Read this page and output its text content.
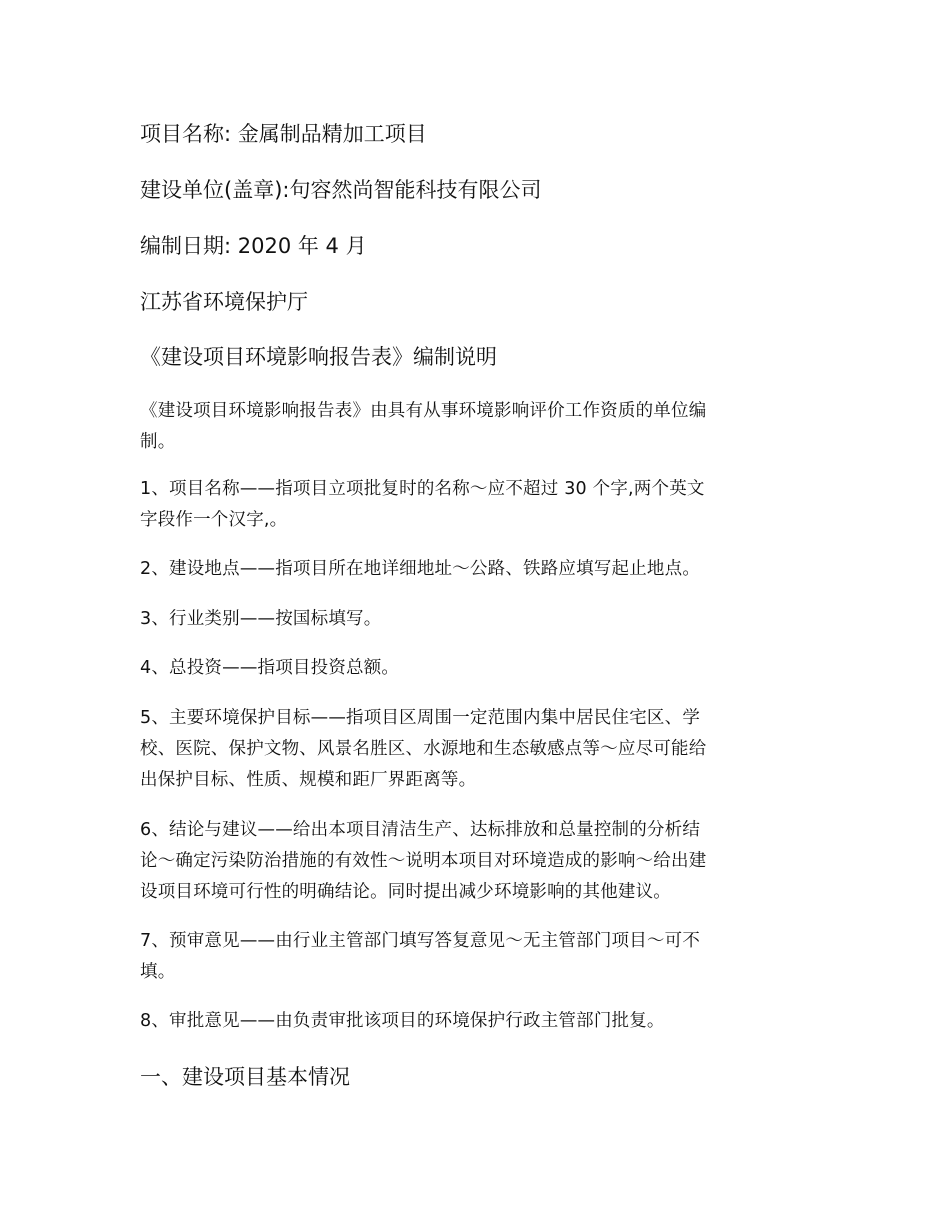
项目名称: 金属制品精加工项目
建设单位(盖章):句容然尚智能科技有限公司
编制日期: 2020 年 4 月
江苏省环境保护厅
《建设项目环境影响报告表》编制说明
《建设项目环境影响报告表》由具有从事环境影响评价工作资质的单位编
制。
1、项目名称——指项目立项批复时的名称～应不超过 30 个字,两个英文
字段作一个汉字,。
2、建设地点——指项目所在地详细地址～公路、铁路应填写起止地点。
3、行业类别——按国标填写。
4、总投资——指项目投资总额。
5、主要环境保护目标——指项目区周围一定范围内集中居民住宅区、学
校、医院、保护文物、风景名胜区、水源地和生态敏感点等～应尽可能给
出保护目标、性质、规模和距厂界距离等。
6、结论与建议——给出本项目清洁生产、达标排放和总量控制的分析结
论～确定污染防治措施的有效性～说明本项目对环境造成的影响～给出建
设项目环境可行性的明确结论。同时提出减少环境影响的其他建议。
7、预审意见——由行业主管部门填写答复意见～无主管部门项目～可不
填。
8、审批意见——由负责审批该项目的环境保护行政主管部门批复。
一、建设项目基本情况
